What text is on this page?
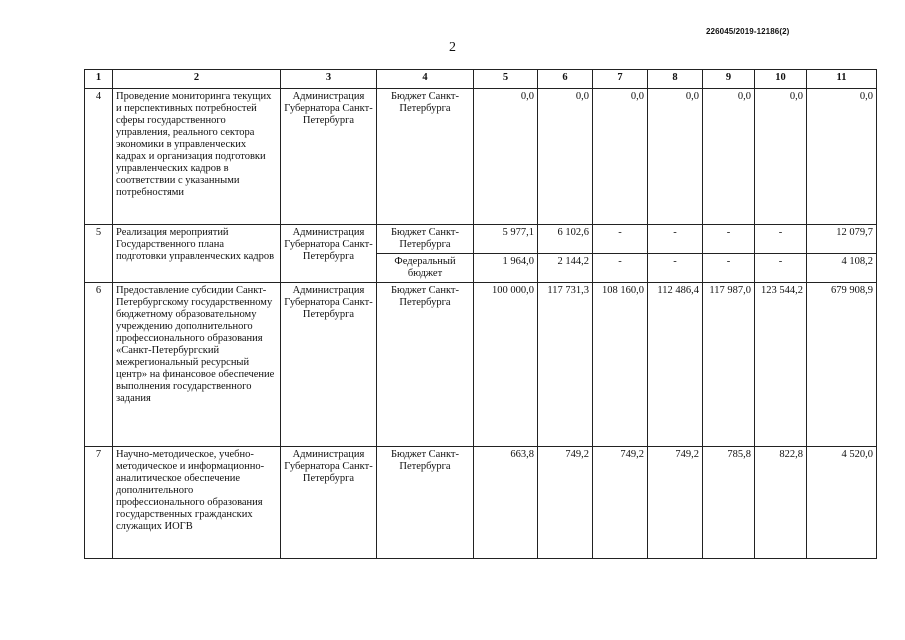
226045/2019-12186(2)
2
1	2	3	4	5	6	7	8	9	10	11
4	Проведение мониторинга текущих и перспективных потребностей сферы государственного управления, реального сектора экономики в управленческих кадрах и организация подготовки управленческих кадров в соответствии с указанными потребностями	Администрация Губернатора Санкт-Петербурга	Бюджет Санкт-Петербурга	0,0	0,0	0,0	0,0	0,0	0,0	0,0
5	Реализация мероприятий Государственного плана подготовки управленческих кадров	Администрация Губернатора Санкт-Петербурга	Бюджет Санкт-Петербурга	5 977,1	6 102,6	-	-	-	-	12 079,7
			Федеральный бюджет	1 964,0	2 144,2	-	-	-	-	4 108,2
6	Предоставление субсидии Санкт-Петербургскому государственному бюджетному образовательному учреждению дополнительного профессионального образования «Санкт-Петербургский межрегиональный ресурсный центр» на финансовое обеспечение выполнения государственного задания	Администрация Губернатора Санкт-Петербурга	Бюджет Санкт-Петербурга	100 000,0	117 731,3	108 160,0	112 486,4	117 987,0	123 544,2	679 908,9
7	Научно-методическое, учебно-методическое и информационно-аналитическое обеспечение дополнительного профессионального образования государственных гражданских служащих ИОГВ	Администрация Губернатора Санкт-Петербурга	Бюджет Санкт-Петербурга	663,8	749,2	749,2	749,2	785,8	822,8	4 520,0
